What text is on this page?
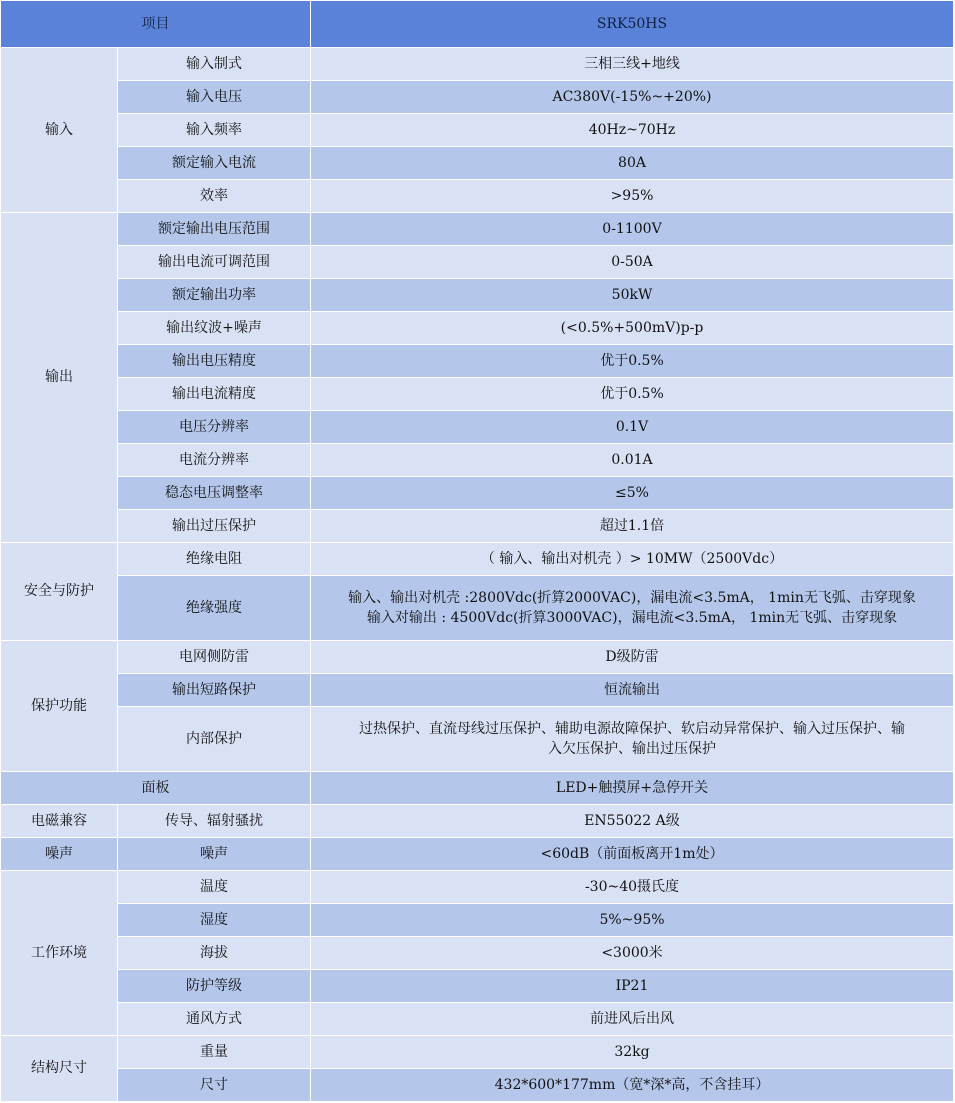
项目		SRK50HS
输入	输入制式	三相三线+地线
	输入电压	AC380V(-15%~+20%)
	输入频率	40Hz~70Hz
	额定输入电流	80A
	效率	>95%
输出	额定输出电压范围	0-1100V
	输出电流可调范围	0-50A
	额定输出功率	50kW
	输出纹波+噪声	(<0.5%+500mV)p-p
	输出电压精度	优于0.5%
	输出电流精度	优于0.5%
	电压分辨率	0.1V
	电流分辨率	0.01A
	稳态电压调整率	≤5%
	输出过压保护	超过1.1倍
安全与防护	绝缘电阻	（ 输入、输出对机壳 ）> 10MW（2500Vdc）
	绝缘强度	输入、输出对机壳 :2800Vdc(折算2000VAC)，漏电流<3.5mA， 1min无飞弧、击穿现象
输入对输出 : 4500Vdc(折算3000VAC)，漏电流<3.5mA， 1min无飞弧、击穿现象

保护功能	电网侧防雷	D级防雷
	输出短路保护	恒流输出
	内部保护	过热保护、直流母线过压保护、辅助电源故障保护、软启动异常保护、输入过压保护、输
入欠压保护、输出过压保护

面板		LED+触摸屏+急停开关
电磁兼容	传导、辐射骚扰	EN55022 A级
噪声	噪声	<60dB（前面板离开1m处）
工作环境	温度	-30~40摄氏度
	湿度	5%~95%
	海拔	<3000米
	防护等级	IP21
	通风方式	前进风后出风
结构尺寸	重量	32kg
	尺寸	432*600*177mm（宽*深*高，不含挂耳）
